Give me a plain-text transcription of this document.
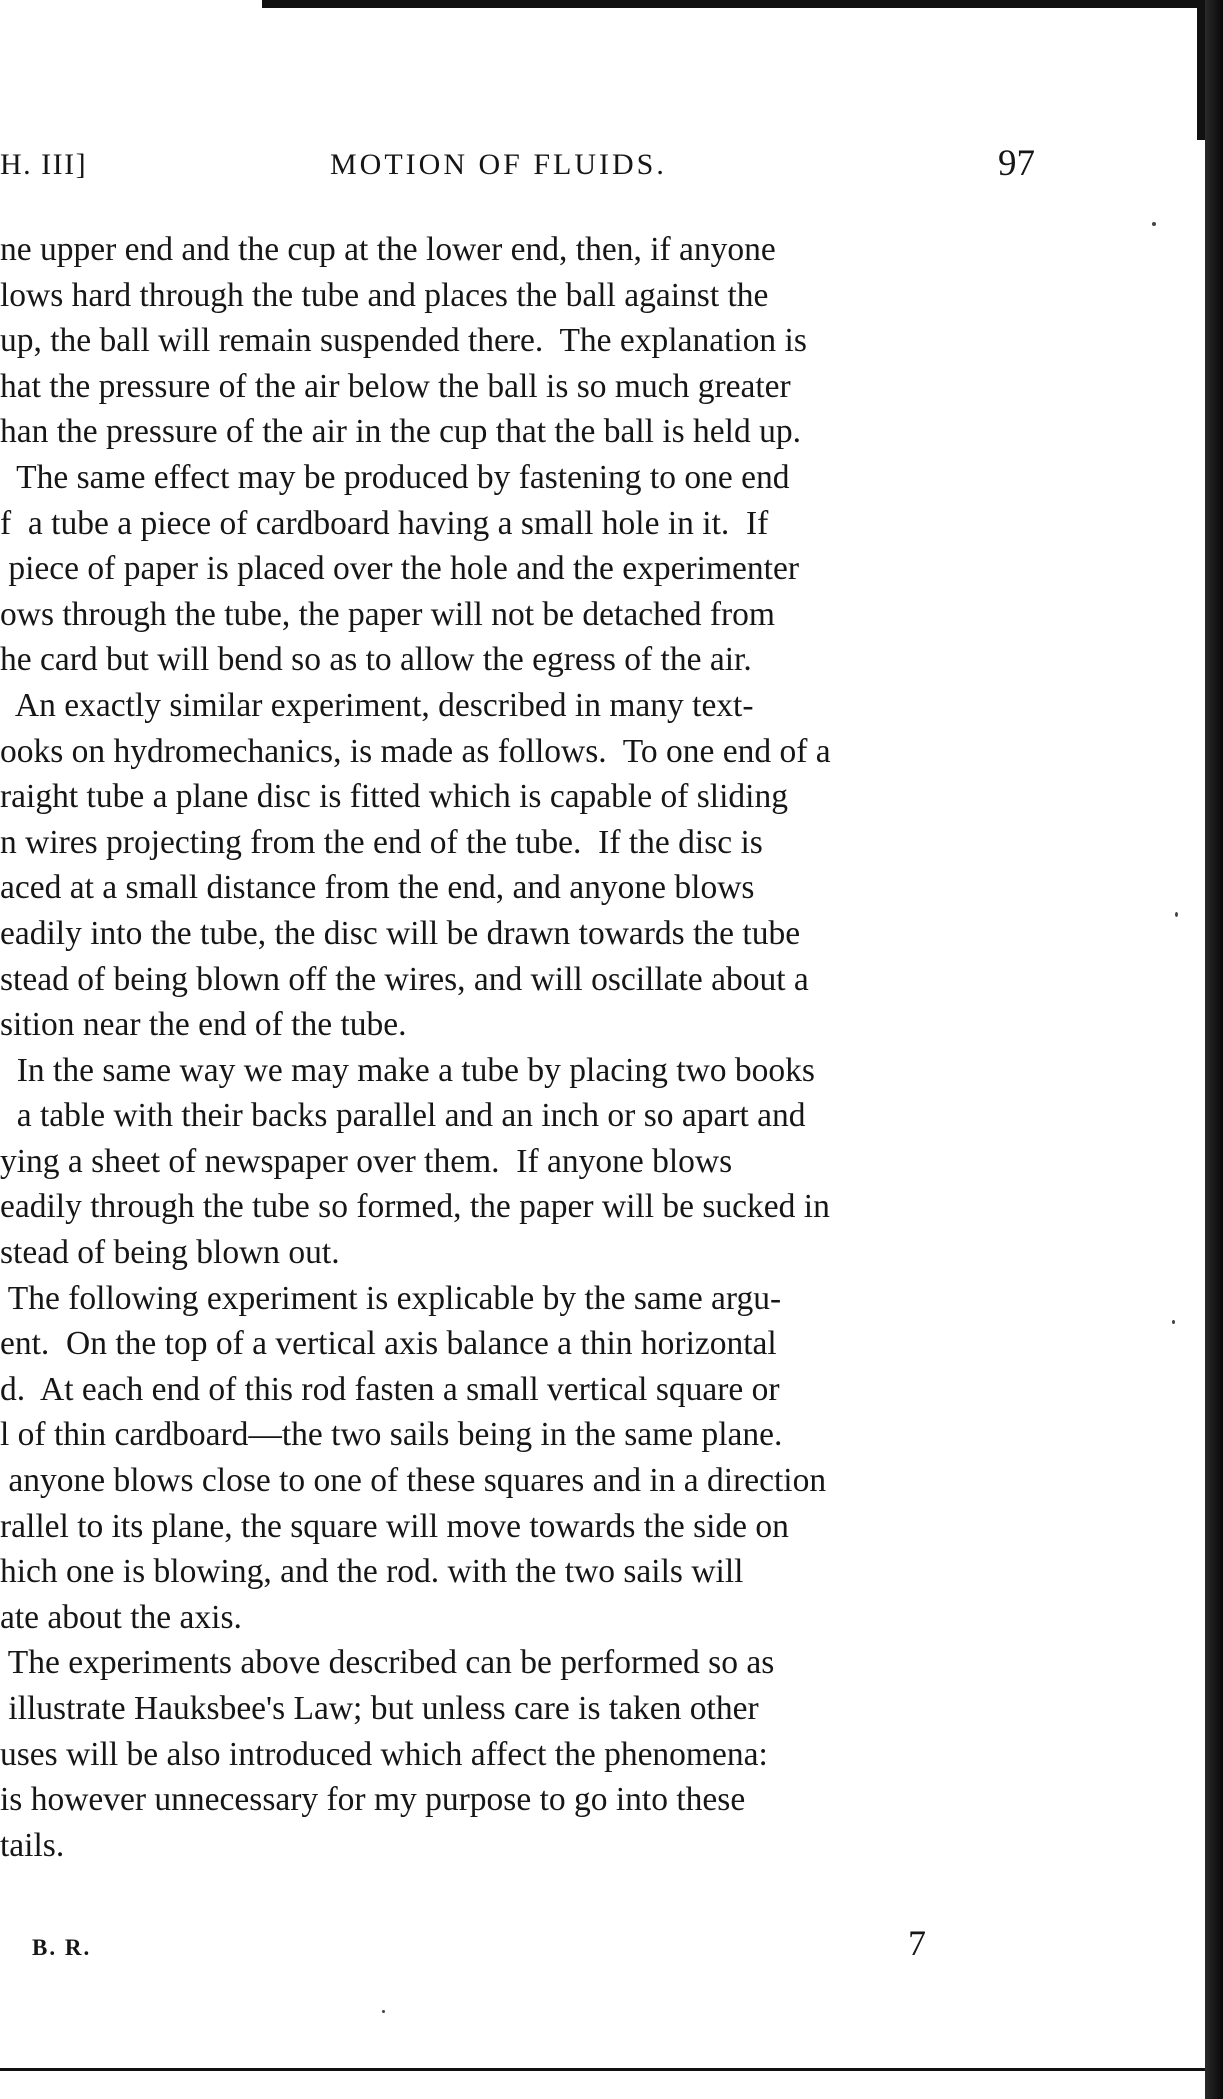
H. III]	MOTION OF FLUIDS.	97
ne upper end and the cup at the lower end, then, if anyone
lows hard through the tube and places the ball against the
up, the ball will remain suspended there.  The explanation is
hat the pressure of the air below the ball is so much greater
han the pressure of the air in the cup that the ball is held up.
The same effect may be produced by fastening to one end
f  a tube a piece of cardboard having a small hole in it.  If
piece of paper is placed over the hole and the experimenter
ows through the tube, the paper will not be detached from
he card but will bend so as to allow the egress of the air.
An exactly similar experiment, described in many text-
ooks on hydromechanics, is made as follows.  To one end of a
raight tube a plane disc is fitted which is capable of sliding
n wires projecting from the end of the tube.  If the disc is
aced at a small distance from the end, and anyone blows
eadily into the tube, the disc will be drawn towards the tube
stead of being blown off the wires, and will oscillate about a
sition near the end of the tube.
In the same way we may make a tube by placing two books
a table with their backs parallel and an inch or so apart and
ying a sheet of newspaper over them.  If anyone blows
eadily through the tube so formed, the paper will be sucked in
stead of being blown out.
The following experiment is explicable by the same argu-
ent.  On the top of a vertical axis balance a thin horizontal
d.  At each end of this rod fasten a small vertical square or
l of thin cardboard—the two sails being in the same plane.
anyone blows close to one of these squares and in a direction
rallel to its plane, the square will move towards the side on
hich one is blowing, and the rod. with the two sails will
ate about the axis.
The experiments above described can be performed so as
illustrate Hauksbee's Law; but unless care is taken other
uses will be also introduced which affect the phenomena:
is however unnecessary for my purpose to go into these
tails.
B. R.	7
